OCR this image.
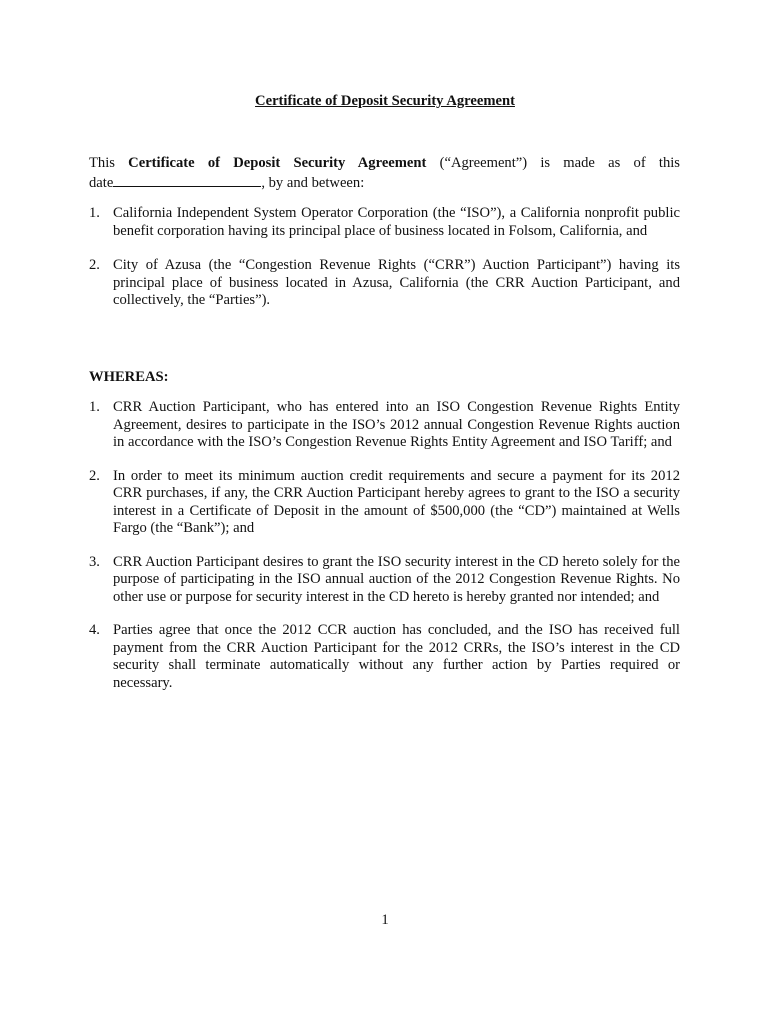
Certificate of Deposit Security Agreement
This Certificate of Deposit Security Agreement (“Agreement”) is made as of this
date	, by and between:
1. California Independent System Operator Corporation (the “ISO”), a California nonprofit public benefit corporation having its principal place of business located in Folsom, California, and
2. City of Azusa (the “Congestion Revenue Rights (“CRR”) Auction Participant”) having its principal place of business located in Azusa, California (the CRR Auction Participant, and collectively, the “Parties”).
WHEREAS:
1. CRR Auction Participant, who has entered into an ISO Congestion Revenue Rights Entity Agreement, desires to participate in the ISO’s 2012 annual Congestion Revenue Rights auction in accordance with the ISO’s Congestion Revenue Rights Entity Agreement and ISO Tariff; and
2. In order to meet its minimum auction credit requirements and secure a payment for its 2012 CRR purchases, if any, the CRR Auction Participant hereby agrees to grant to the ISO a security interest in a Certificate of Deposit in the amount of $500,000 (the “CD”) maintained at Wells Fargo (the “Bank”); and
3. CRR Auction Participant desires to grant the ISO security interest in the CD hereto solely for the purpose of participating in the ISO annual auction of the 2012 Congestion Revenue Rights. No other use or purpose for security interest in the CD hereto is hereby granted nor intended; and
4. Parties agree that once the 2012 CCR auction has concluded, and the ISO has received full payment from the CRR Auction Participant for the 2012 CRRs, the ISO’s interest in the CD security shall terminate automatically without any further action by Parties required or necessary.
1
